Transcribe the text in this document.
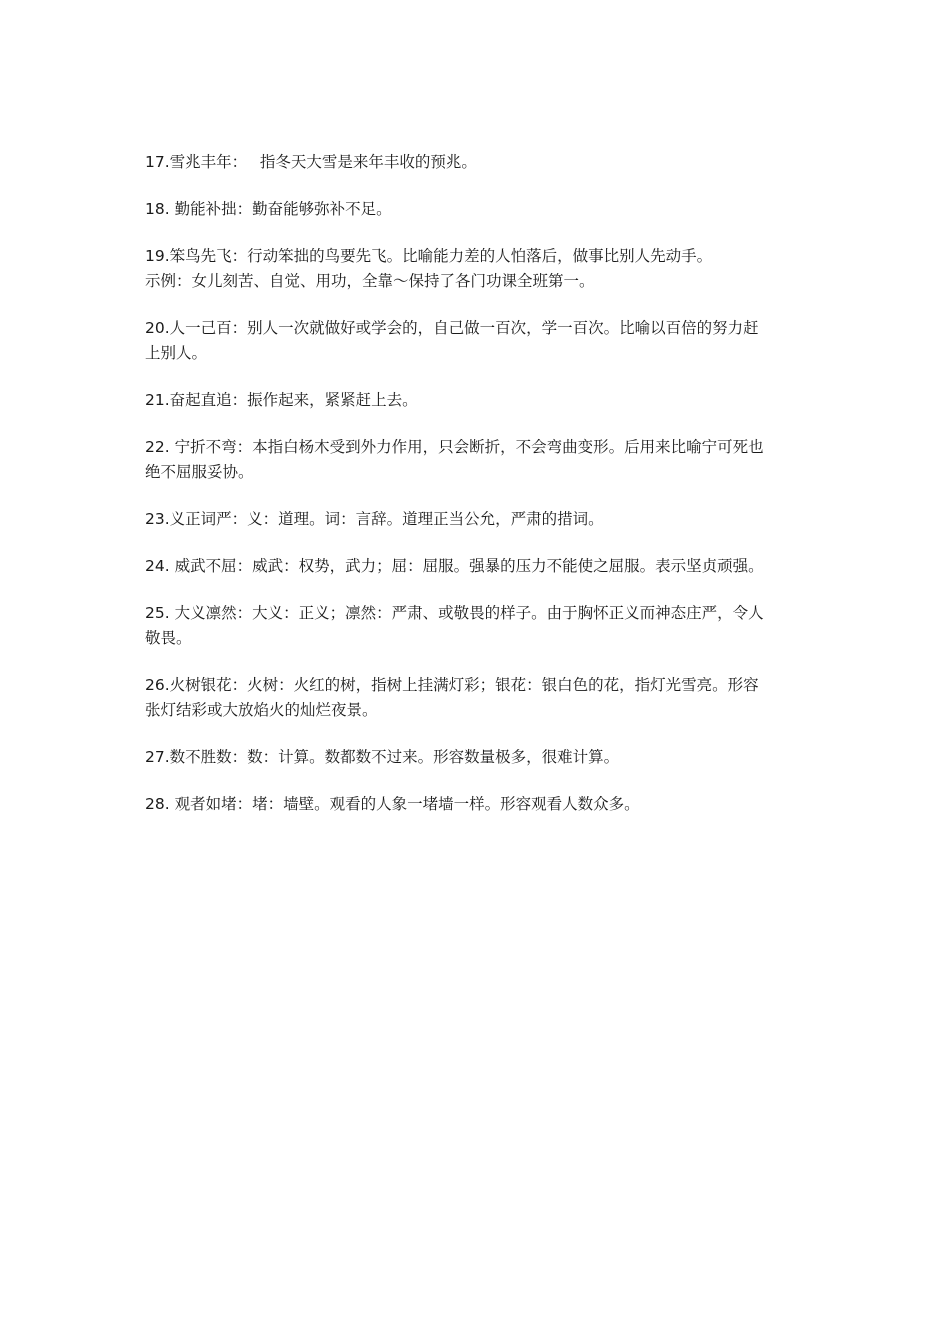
17.雪兆丰年：　 指冬天大雪是来年丰收的预兆。
18. 勤能补拙：勤奋能够弥补不足。
19.笨鸟先飞：行动笨拙的鸟要先飞。比喻能力差的人怕落后，做事比别人先动手。
示例：女儿刻苦、自觉、用功，全靠～保持了各门功课全班第一。
20.人一己百：别人一次就做好或学会的，自己做一百次，学一百次。比喻以百倍的努力赶
上别人。
21.奋起直追：振作起来，紧紧赶上去。
22. 宁折不弯：本指白杨木受到外力作用，只会断折，不会弯曲变形。后用来比喻宁可死也
绝不屈服妥协。
23.义正词严：义：道理。词：言辞。道理正当公允，严肃的措词。
24. 威武不屈：威武：权势，武力；屈：屈服。强暴的压力不能使之屈服。表示坚贞顽强。
25. 大义凛然：大义：正义；凛然：严肃、或敬畏的样子。由于胸怀正义而神态庄严，令人
敬畏。
26.火树银花：火树：火红的树，指树上挂满灯彩；银花：银白色的花，指灯光雪亮。形容
张灯结彩或大放焰火的灿烂夜景。
27.数不胜数：数：计算。数都数不过来。形容数量极多，很难计算。
28. 观者如堵：堵：墙壁。观看的人象一堵墙一样。形容观看人数众多。
